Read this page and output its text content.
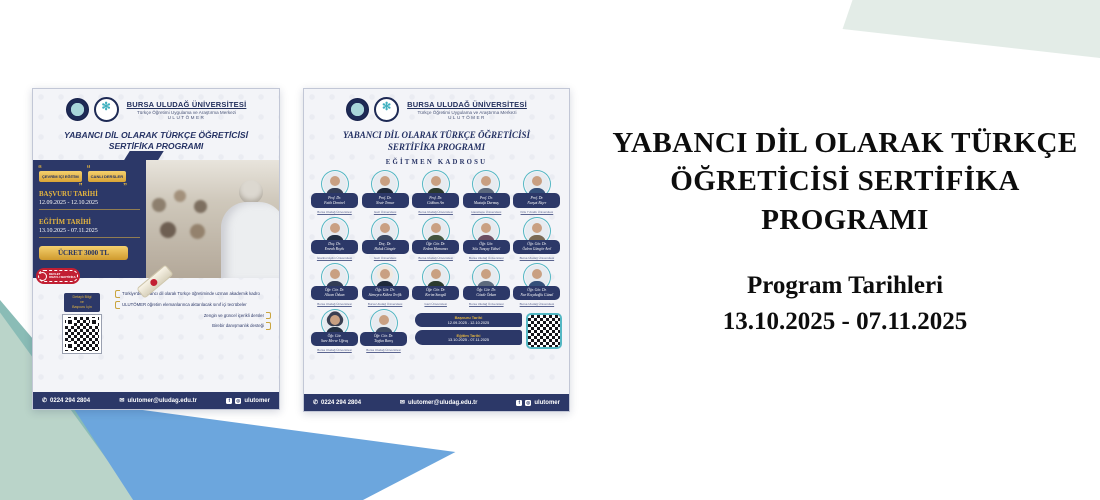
✻	BURSA ULUDAĞ ÜNİVERSİTESİ
Türkçe Öğretimi Uygulama ve Araştırma Merkezi
ULUTÖMER
YABANCI DİL OLARAK TÜRKÇE ÖĞRETİCİSİ
SERTİFİKA PROGRAMI
“ ÇEVRİM İÇİ EĞİTİM ”	“ CANLI DERSLER ”
BAŞVURU TARİHİ
12.09.2025 - 12.10.2025
EĞİTİM TARİHİ
13.10.2025 - 07.11.2025
ÜCRET 3000 TL
DEVLET
ONAYLI SERTİFİKA
Detaylı Bilgi
ve
Başvuru İçin
Türkiye'de yabancı dil olarak Türkçe öğretiminde uzman akademik kadro
ULUTÖMER öğretim elemanlarınca aktarılacak sınıf içi tecrübeler
Zengin ve güncel içerikli dersler
Birebir danışmanlık desteği
✆ 0224 294 2804	✉ ulutomer@uludag.edu.tr	f	◎ ulutomer
✻	BURSA ULUDAĞ ÜNİVERSİTESİ
Türkçe Öğretimi Uygulama ve Araştırma Merkezi
ULUTÖMER
YABANCI DİL OLARAK TÜRKÇE ÖĞRETİCİSİ
SERTİFİKA PROGRAMI
EĞİTMEN KADROSU
Prof. Dr.
Fatih Demirel
Bursa Uludağ Üniversitesi
Prof. Dr.
Nezir Temur
Gazi Üniversitesi
Prof. Dr.
Gökhan Arı
Bursa Uludağ Üniversitesi
Prof. Dr.
Mustafa Durmuş
Hacettepe Üniversitesi
Prof. Dr.
Nurşat Biçer
Kilis 7 Aralık Üniversitesi
Doç. Dr.
Emrah Boylu
İstanbul Aydın Üniversitesi
Doç. Dr.
Haluk Güngör
Gazi Üniversitesi
Öğr. Gör. Dr.
Erdem Hamamcı
Bursa Uludağ Üniversitesi
Öğr. Gör.
Sıla Tunçay Yüksel
Bursa Uludağ Üniversitesi
Öğr. Gör. Dr.
Özlem Güngör Arel
Bursa Uludağ Üniversitesi
Öğr. Gör. Dr.
Alican Özkan
Bursa Uludağ Üniversitesi
Öğr. Gör. Dr.
Sümeyra Kübra Tevfik
Bursa Uludağ Üniversitesi
Öğr. Gör. Dr.
Kerim Sarıgül
Gazi Üniversitesi
Öğr. Gör. Dr.
Gözde Özkan
Bursa Uludağ Üniversitesi
Öğr. Gör. Dr.
Nur Koçakoğlu Günal
Bursa Uludağ Üniversitesi
Öğr. Gör.
Sare Merve Uğraş
Bursa Uludağ Üniversitesi
Öğr. Gör. Dr.
Tayfun Barış
Bursa Uludağ Üniversitesi
Başvuru Tarihi
12.09.2025 - 12.10.2025
Eğitim Tarihi
13.10.2025 - 07.11.2025
✆ 0224 294 2804	✉ ulutomer@uludag.edu.tr	f	◎ ulutomer
YABANCI DİL OLARAK TÜRKÇE
ÖĞRETİCİSİ SERTİFİKA PROGRAMI
Program Tarihleri
13.10.2025 - 07.11.2025
